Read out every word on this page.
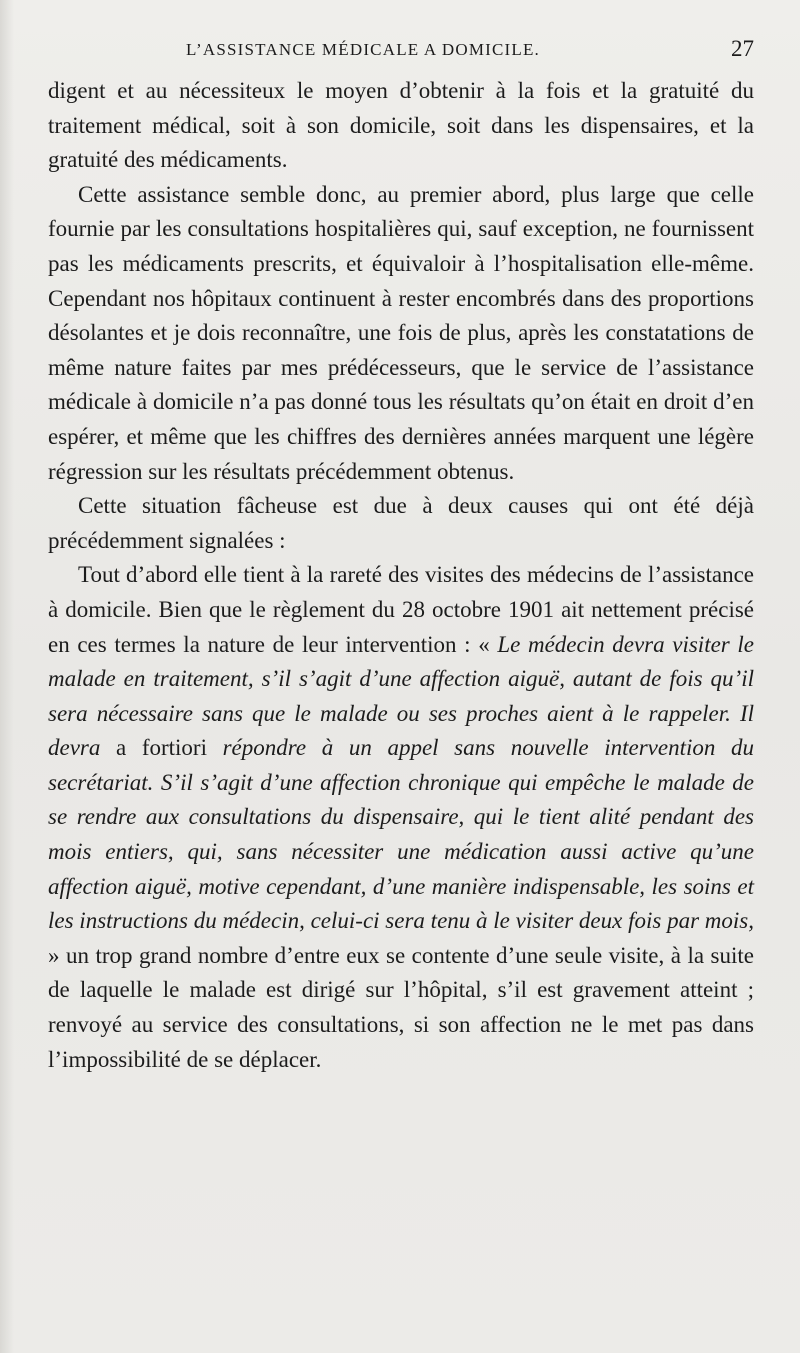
L’ASSISTANCE MÉDICALE A DOMICILE.	27

digent et au nécessiteux le moyen d’obtenir à la fois et la gratuité du traitement médical, soit à son domicile, soit dans les dispensaires, et la gratuité des médicaments.

Cette assistance semble donc, au premier abord, plus large que celle fournie par les consultations hospitalières qui, sauf exception, ne fournissent pas les médicaments prescrits, et équivaloir à l’hospitalisation elle-même. Cependant nos hôpitaux continuent à rester encombrés dans des proportions désolantes et je dois reconnaître, une fois de plus, après les constatations de même nature faites par mes prédécesseurs, que le service de l’assistance médicale à domicile n’a pas donné tous les résultats qu’on était en droit d’en espérer, et même que les chiffres des dernières années marquent une légère régression sur les résultats précédemment obtenus.

Cette situation fâcheuse est due à deux causes qui ont été déjà précédemment signalées :

Tout d’abord elle tient à la rareté des visites des médecins de l’assistance à domicile. Bien que le règlement du 28 octobre 1901 ait nettement précisé en ces termes la nature de leur intervention : « Le médecin devra visiter le malade en traitement, s’il s’agit d’une affection aiguë, autant de fois qu’il sera nécessaire sans que le malade ou ses proches aient à le rappeler. Il devra a fortiori répondre à un appel sans nouvelle intervention du secrétariat. S’il s’agit d’une affection chronique qui empêche le malade de se rendre aux consultations du dispensaire, qui le tient alité pendant des mois entiers, qui, sans nécessiter une médication aussi active qu’une affection aiguë, motive cependant, d’une manière indispensable, les soins et les instructions du médecin, celui-ci sera tenu à le visiter deux fois par mois, » un trop grand nombre d’entre eux se contente d’une seule visite, à la suite de laquelle le malade est dirigé sur l’hôpital, s’il est gravement atteint ; renvoyé au service des consultations, si son affection ne le met pas dans l’impossibilité de se déplacer.
